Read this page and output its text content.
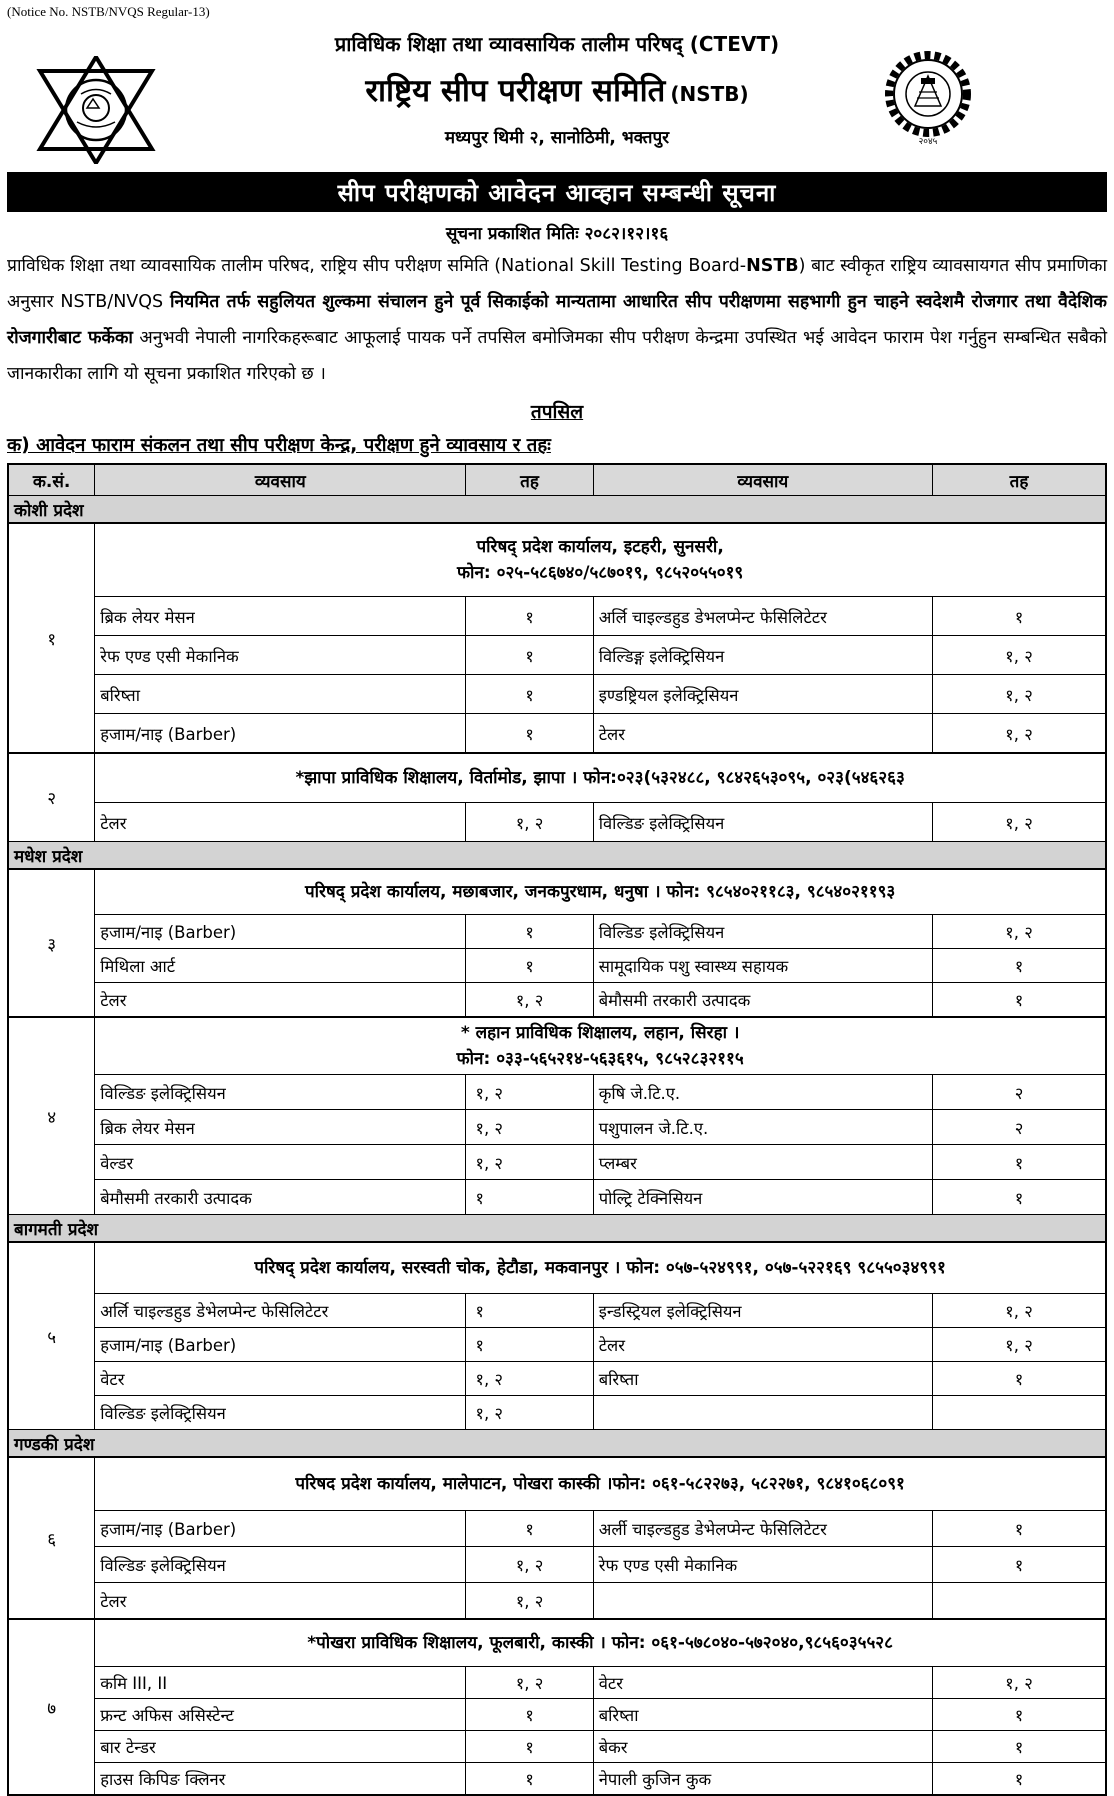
(Notice No. NSTB/NVQS Regular-13)
२०४५
प्राविधिक शिक्षा तथा व्यावसायिक तालीम परिषद् (CTEVT)
राष्ट्रिय सीप परीक्षण समिति (NSTB)
मध्यपुर थिमी २, सानोठिमी, भक्तपुर
सीप परीक्षणको आवेदन आव्हान सम्बन्धी सूचना
सूचना प्रकाशित मितिः २०८२।१२।१६
प्राविधिक शिक्षा तथा व्यावसायिक तालीम परिषद, राष्ट्रिय सीप परीक्षण समिति (National Skill Testing Board-NSTB) बाट स्वीकृत राष्ट्रिय व्यावसायगत सीप प्रमाणिका अनुसार NSTB/NVQS नियमित तर्फ सहुलियत शुल्कमा संचालन हुने पूर्व सिकाईको मान्यतामा आधारित सीप परीक्षणमा सहभागी हुन चाहने स्वदेशमै रोजगार तथा वैदेशिक रोजगारीबाट फर्केका अनुभवी नेपाली नागरिकहरूबाट आफूलाई पायक पर्ने तपसिल बमोजिमका सीप परीक्षण केन्द्रमा उपस्थित भई आवेदन फाराम पेश गर्नुहुन सम्बन्धित सबैको जानकारीका लागि यो सूचना प्रकाशित गरिएको छ ।
तपसिल
क) आवेदन फाराम संकलन तथा सीप परीक्षण केन्द्र, परीक्षण हुने व्यावसाय र तहः
क.सं.	व्यवसाय	तह	व्यवसाय	तह
कोशी प्रदेश				
१	परिषद् प्रदेश कार्यालय, इटहरी, सुनसरी,
फोन: ०२५-५८६७४०/५८७०१९, ९८५२०५५०१९			

	ब्रिक लेयर मेसन	१	अर्लि चाइल्डहुड डेभलप्मेन्ट फेसिलिटेटर	१
	रेफ एण्ड एसी मेकानिक	१	विल्डिङ्ग इलेक्ट्रिसियन	१, २
	बरिष्ता	१	इण्डष्ट्रियल इलेक्ट्रिसियन	१, २
	हजाम/नाइ (Barber)	१	टेलर	१, २
२	*झापा प्राविधिक शिक्षालय, विर्तामोड, झापा । फोन:०२३(५३२४८८, ९८४२६५३०९५, ०२३(५४६२६३			

	टेलर	१, २	विल्डिङ इलेक्ट्रिसियन	१, २
मधेश प्रदेश				
३	परिषद् प्रदेश कार्यालय, मछाबजार, जनकपुरधाम, धनुषा । फोन: ९८५४०२११८३, ९८५४०२११९३			

	हजाम/नाइ (Barber)	१	विल्डिङ इलेक्ट्रिसियन	१, २
	मिथिला आर्ट	१	सामूदायिक पशु स्वास्थ्य सहायक	१
	टेलर	१, २	बेमौसमी तरकारी उत्पादक	१
४	* लहान प्राविधिक शिक्षालय, लहान, सिरहा ।
फोन: ०३३-५६५२१४-५६३६१५, ९८५२८३२११५			

	विल्डिङ इलेक्ट्रिसियन	१, २	कृषि जे.टि.ए.	२
	ब्रिक लेयर मेसन	१, २	पशुपालन जे.टि.ए.	२
	वेल्डर	१, २	प्लम्बर	१
	बेमौसमी तरकारी उत्पादक	१	पोल्ट्रि टेक्निसियन	१
बागमती प्रदेश				
५	परिषद् प्रदेश कार्यालय, सरस्वती चोक, हेटौडा, मकवानपुर । फोन: ०५७-५२४९९१, ०५७-५२२१६९ ९८५५०३४९९१			

	अर्लि चाइल्डहुड डेभेलप्मेन्ट फेसिलिटेटर	१	इन्डस्ट्रियल इलेक्ट्रिसियन	१, २
	हजाम/नाइ (Barber)	१	टेलर	१, २
	वेटर	१, २	बरिष्ता	१
	विल्डिङ इलेक्ट्रिसियन	१, २		
गण्डकी प्रदेश				
६	परिषद प्रदेश कार्यालय, मालेपाटन, पोखरा कास्की ।फोन: ०६१-५८२२७३, ५८२२७१, ९८४१०६८०९१			

	हजाम/नाइ (Barber)	१	अर्ली चाइल्डहुड डेभेलप्मेन्ट फेसिलिटेटर	१
	विल्डिङ इलेक्ट्रिसियन	१, २	रेफ एण्ड एसी मेकानिक	१
	टेलर	१, २		
७	*पोखरा प्राविधिक शिक्षालय, फूलबारी, कास्की । फोन: ०६१-५७८०४०-५७२०४०,९८५६०३५५२८			

	कमि III, II	१, २	वेटर	१, २
	फ्रन्ट अफिस असिस्टेन्ट	१	बरिष्ता	१
	बार टेन्डर	१	बेकर	१
	हाउस किपिङ क्लिनर	१	नेपाली कुजिन कुक	१
